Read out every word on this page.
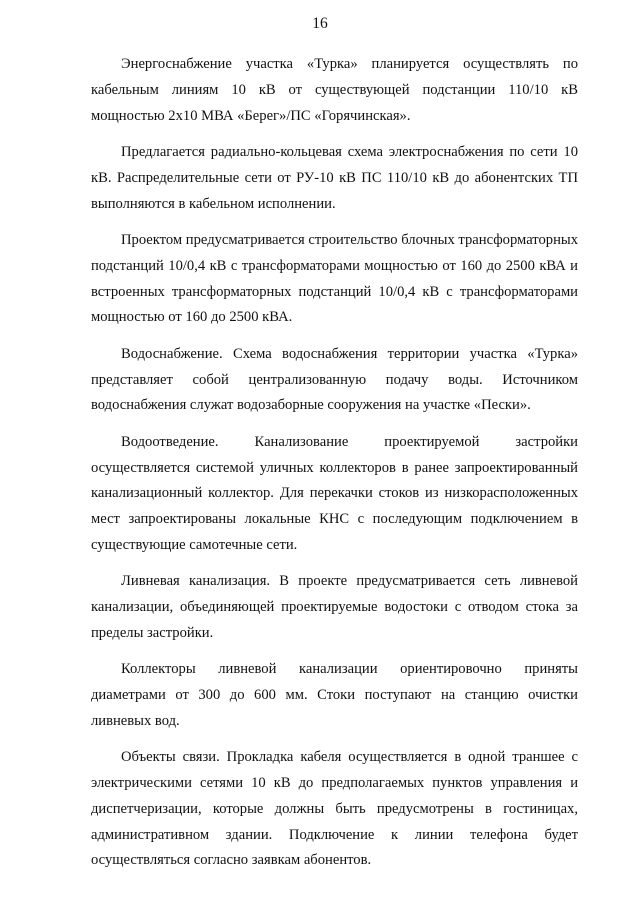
16

Энергоснабжение участка «Турка» планируется осуществлять по кабельным линиям 10 кВ от существующей подстанции 110/10 кВ мощностью 2х10 МВА «Берег»/ПС «Горячинская».

Предлагается радиально-кольцевая схема электроснабжения по сети 10 кВ. Распределительные сети от РУ-10 кВ ПС 110/10 кВ до абонентских ТП выполняются в кабельном исполнении.

Проектом предусматривается строительство блочных трансформаторных подстанций 10/0,4 кВ с трансформаторами мощностью от 160 до 2500 кВА и встроенных трансформаторных подстанций 10/0,4 кВ с трансформаторами мощностью от 160 до 2500 кВА.

Водоснабжение. Схема водоснабжения территории участка «Турка» представляет собой централизованную подачу воды. Источником водоснабжения служат водозаборные сооружения на участке «Пески».

Водоотведение. Канализование проектируемой застройки осуществляется системой уличных коллекторов в ранее запроектированный канализационный коллектор. Для перекачки стоков из низкорасположенных мест запроектированы локальные КНС с последующим подключением в существующие самотечные сети.

Ливневая канализация. В проекте предусматривается сеть ливневой канализации, объединяющей проектируемые водостоки с отводом стока за пределы застройки.

Коллекторы ливневой канализации ориентировочно приняты диаметрами от 300 до 600 мм. Стоки поступают на станцию очистки ливневых вод.

Объекты связи. Прокладка кабеля осуществляется в одной траншее с электрическими сетями 10 кВ до предполагаемых пунктов управления и диспетчеризации, которые должны быть предусмотрены в гостиницах, административном здании. Подключение к линии телефона будет осуществляться согласно заявкам абонентов.
